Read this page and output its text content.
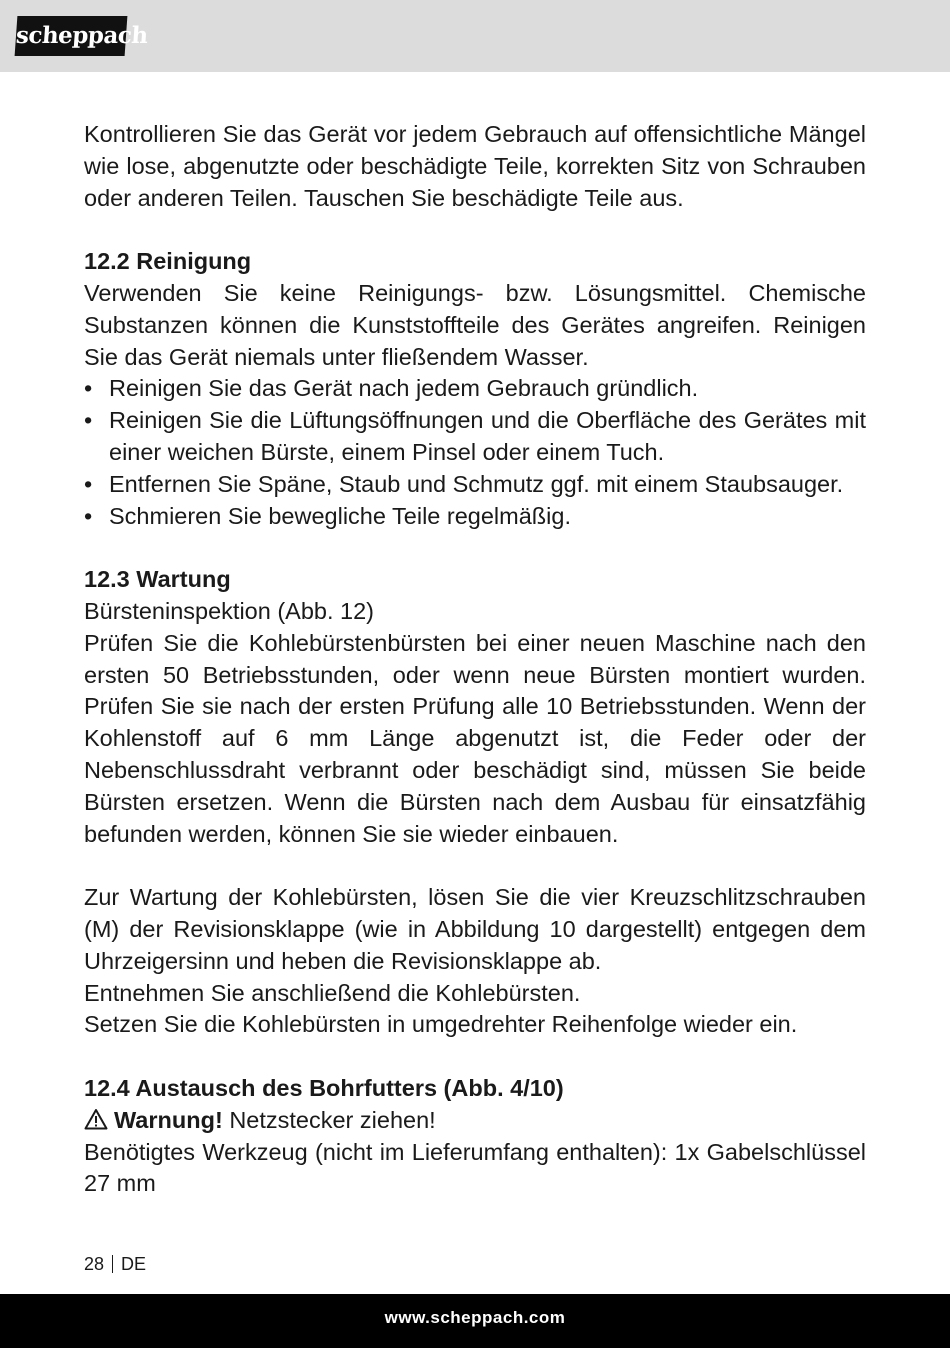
scheppach

Kontrollieren Sie das Gerät vor jedem Gebrauch auf offensichtliche Mängel wie lose, abgenutzte oder beschädigte Teile, korrekten Sitz von Schrauben oder anderen Teilen. Tauschen Sie beschädigte Teile aus.

12.2 Reinigung

Verwenden Sie keine Reinigungs- bzw. Lösungsmittel. Chemische Substanzen können die Kunststoffteile des Gerätes angreifen. Reinigen Sie das Gerät niemals unter fließendem Wasser.

• Reinigen Sie das Gerät nach jedem Gebrauch gründlich.
• Reinigen Sie die Lüftungsöffnungen und die Oberfläche des Gerätes mit einer weichen Bürste, einem Pinsel oder einem Tuch.
• Entfernen Sie Späne, Staub und Schmutz ggf. mit einem Staubsauger.
• Schmieren Sie bewegliche Teile regelmäßig.

12.3 Wartung

Bürsteninspektion (Abb. 12)

Prüfen Sie die Kohlebürstenbürsten bei einer neuen Maschine nach den ersten 50 Betriebsstunden, oder wenn neue Bürsten montiert wurden. Prüfen Sie sie nach der ersten Prüfung alle 10 Betriebsstunden. Wenn der Kohlenstoff auf 6 mm Länge abgenutzt ist, die Feder oder der Nebenschlussdraht verbrannt oder beschädigt sind, müssen Sie beide Bürsten ersetzen. Wenn die Bürsten nach dem Ausbau für einsatzfähig befunden werden, können Sie sie wieder einbauen.

Zur Wartung der Kohlebürsten, lösen Sie die vier Kreuzschlitzschrauben (M) der Revisionsklappe (wie in Abbildung 10 dargestellt) entgegen dem Uhrzeigersinn und heben die Revisionsklappe ab.

Entnehmen Sie anschließend die Kohlebürsten.

Setzen Sie die Kohlebürsten in umgedrehter Reihenfolge wieder ein.

12.4 Austausch des Bohrfutters (Abb. 4/10)

Warnung! Netzstecker ziehen!

Benötigtes Werkzeug (nicht im Lieferumfang enthalten): 1x Gabelschlüssel 27 mm

28 DE
www.scheppach.com
